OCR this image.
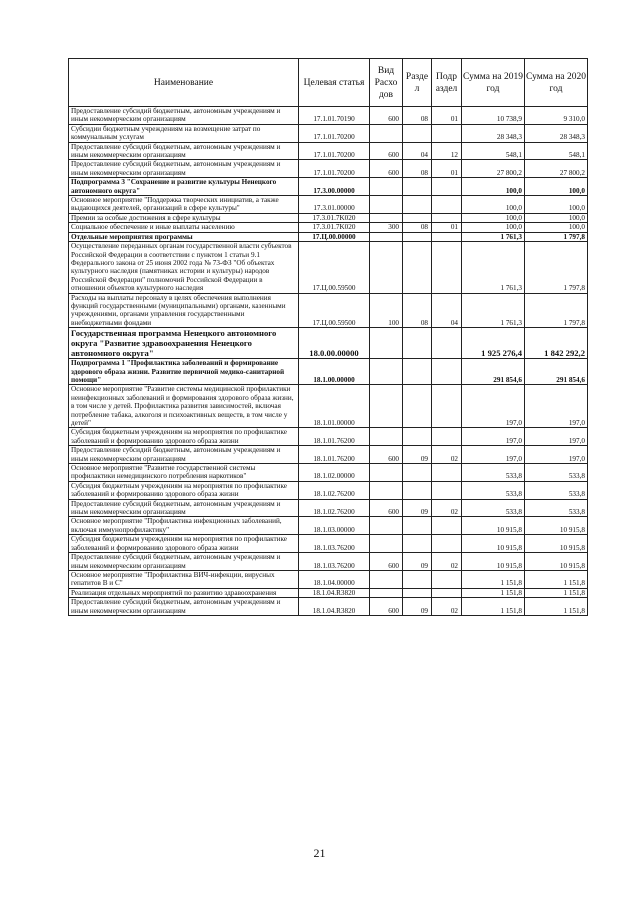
Наименование	Целевая статья	Вид Расхо дов	Разде л	Подр аздел	Сумма на 2019 год	Сумма на 2020 год
Предоставление субсидий бюджетным, автономным учреждениям и иным некоммерческим организациям	17.1.01.70190	600	08	01	10 738,9	9 310,0
Субсидии бюджетным учреждениям на возмещение затрат по коммунальным услугам	17.1.01.70200				28 348,3	28 348,3
Предоставление субсидий бюджетным, автономным учреждениям и иным некоммерческим организациям	17.1.01.70200	600	04	12	548,1	548,1
Предоставление субсидий бюджетным, автономным учреждениям и иным некоммерческим организациям	17.1.01.70200	600	08	01	27 800,2	27 800,2
Подпрограмма 3 "Сохранение и развитие культуры Ненецкого автономного округа"	17.3.00.00000				100,0	100,0
Основное мероприятие "Поддержка творческих инициатив, а также выдающихся деятелей, организаций в сфере культуры"	17.3.01.00000				100,0	100,0
Премии за особые достижения в сфере культуры	17.3.01.7K020				100,0	100,0
Социальное обеспечение и иные выплаты населению	17.3.01.7K020	300	08	01	100,0	100,0
Отдельные мероприятия программы	17.Ц.00.00000				1 761,3	1 797,8
Осуществление переданных органам государственной власти субъектов Российской Федерации в соответствии с пунктом 1 статьи 9.1 Федерального закона от 25 июня 2002 года № 73-ФЗ "Об объектах культурного наследия (памятниках истории и культуры) народов Российской Федерации" полномочий Российской Федерации в отношении объектов культурного наследия	17.Ц.00.59500				1 761,3	1 797,8
Расходы на выплаты персоналу в целях обеспечения выполнения функций государственными (муниципальными) органами, казенными учреждениями, органами управления государственными внебюджетными фондами	17.Ц.00.59500	100	08	04	1 761,3	1 797,8
Государственная программа Ненецкого автономного округа "Развитие здравоохранения Ненецкого автономного округа"	18.0.00.00000				1 925 276,4	1 842 292,2
Подпрограмма 1 "Профилактика заболеваний и формирование здорового образа жизни. Развитие первичной медико-санитарной помощи"	18.1.00.00000				291 854,6	291 854,6
Основное мероприятие "Развитие системы медицинской профилактики неинфекционных заболеваний и формирования здорового образа жизни, в том числе у детей. Профилактика развития зависимостей, включая потребление табака, алкоголя и психоактивных веществ, в том числе у детей"	18.1.01.00000				197,0	197,0
Субсидия бюджетным учреждениям на мероприятия по профилактике заболеваний и формированию здорового образа жизни	18.1.01.76200				197,0	197,0
Предоставление субсидий бюджетным, автономным учреждениям и иным некоммерческим организациям	18.1.01.76200	600	09	02	197,0	197,0
Основное мероприятие "Развитие государственной системы профилактики немедицинского потребления наркотиков"	18.1.02.00000				533,8	533,8
Субсидия бюджетным учреждениям на мероприятия по профилактике заболеваний и формированию здорового образа жизни	18.1.02.76200				533,8	533,8
Предоставление субсидий бюджетным, автономным учреждениям и иным некоммерческим организациям	18.1.02.76200	600	09	02	533,8	533,8
Основное мероприятие "Профилактика инфекционных заболеваний, включая иммунопрофилактику"	18.1.03.00000				10 915,8	10 915,8
Субсидия бюджетным учреждениям на мероприятия по профилактике заболеваний и формированию здорового образа жизни	18.1.03.76200				10 915,8	10 915,8
Предоставление субсидий бюджетным, автономным учреждениям и иным некоммерческим организациям	18.1.03.76200	600	09	02	10 915,8	10 915,8
Основное мероприятие "Профилактика ВИЧ-инфекции, вирусных гепатитов В и С"	18.1.04.00000				1 151,8	1 151,8
Реализация отдельных мероприятий по развитию здравоохранения	18.1.04.R3820				1 151,8	1 151,8
Предоставление субсидий бюджетным, автономным учреждениям и иным некоммерческим организациям	18.1.04.R3820	600	09	02	1 151,8	1 151,8
21
